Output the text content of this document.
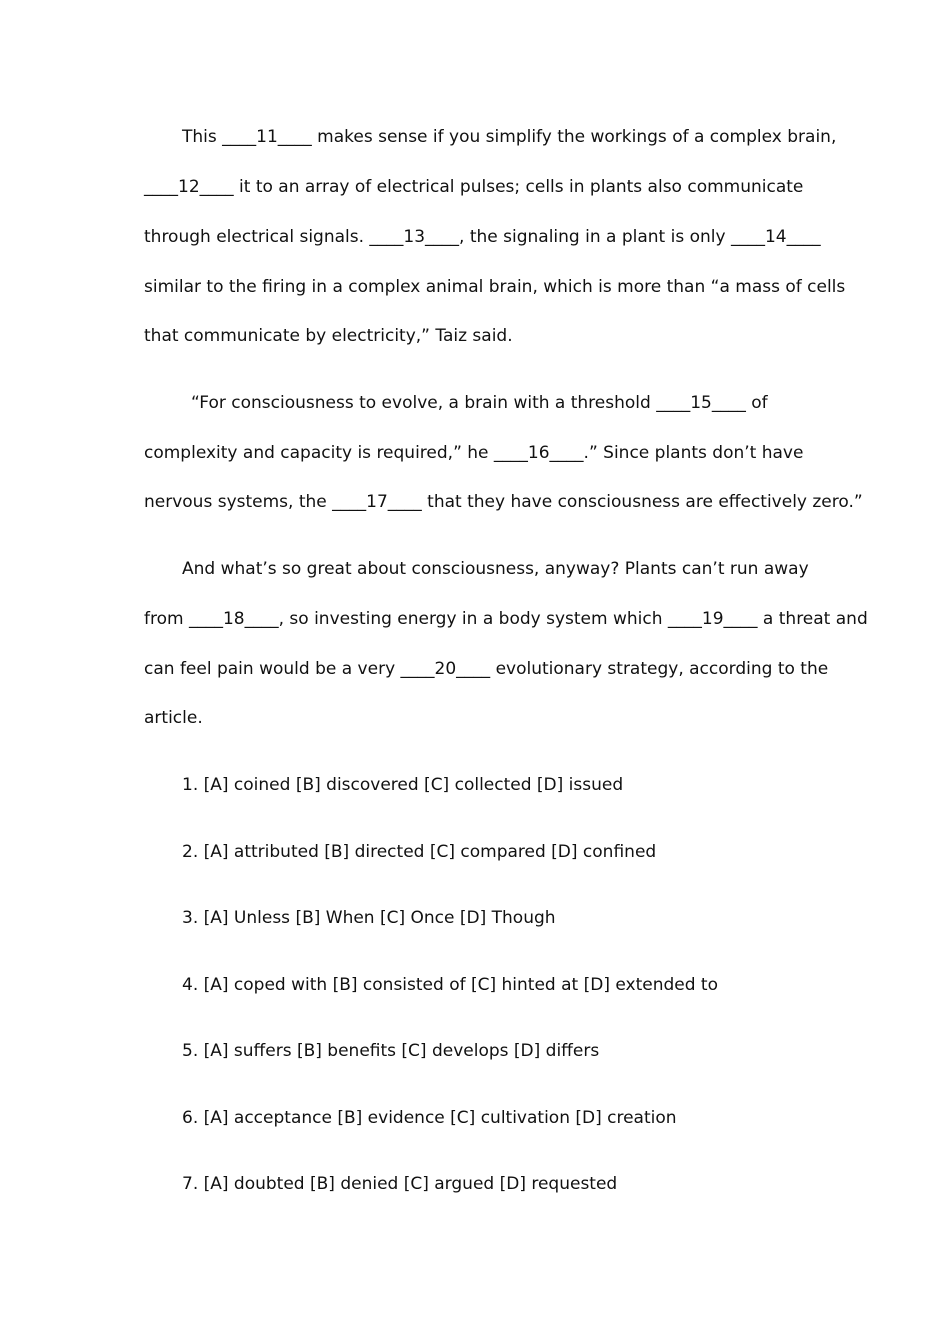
This ____11____ makes sense if you simplify the workings of a complex brain,
____12____ it to an array of electrical pulses; cells in plants also communicate
through electrical signals. ____13____, the signaling in a plant is only ____14____
similar to the firing in a complex animal brain, which is more than “a mass of cells
that communicate by electricity,” Taiz said.
“For consciousness to evolve, a brain with a threshold ____15____ of
complexity and capacity is required,” he ____16____.” Since plants don’t have
nervous systems, the ____17____ that they have consciousness are effectively zero.”
And what’s so great about consciousness, anyway? Plants can’t run away
from ____18____, so investing energy in a body system which ____19____ a threat and
can feel pain would be a very ____20____ evolutionary strategy, according to the
article.
1. [A] coined [B] discovered [C] collected [D] issued
2. [A] attributed [B] directed [C] compared [D] confined
3. [A] Unless [B] When [C] Once [D] Though
4. [A] coped with [B] consisted of [C] hinted at [D] extended to
5. [A] suffers [B] benefits [C] develops [D] differs
6. [A] acceptance [B] evidence [C] cultivation [D] creation
7. [A] doubted [B] denied [C] argued [D] requested
